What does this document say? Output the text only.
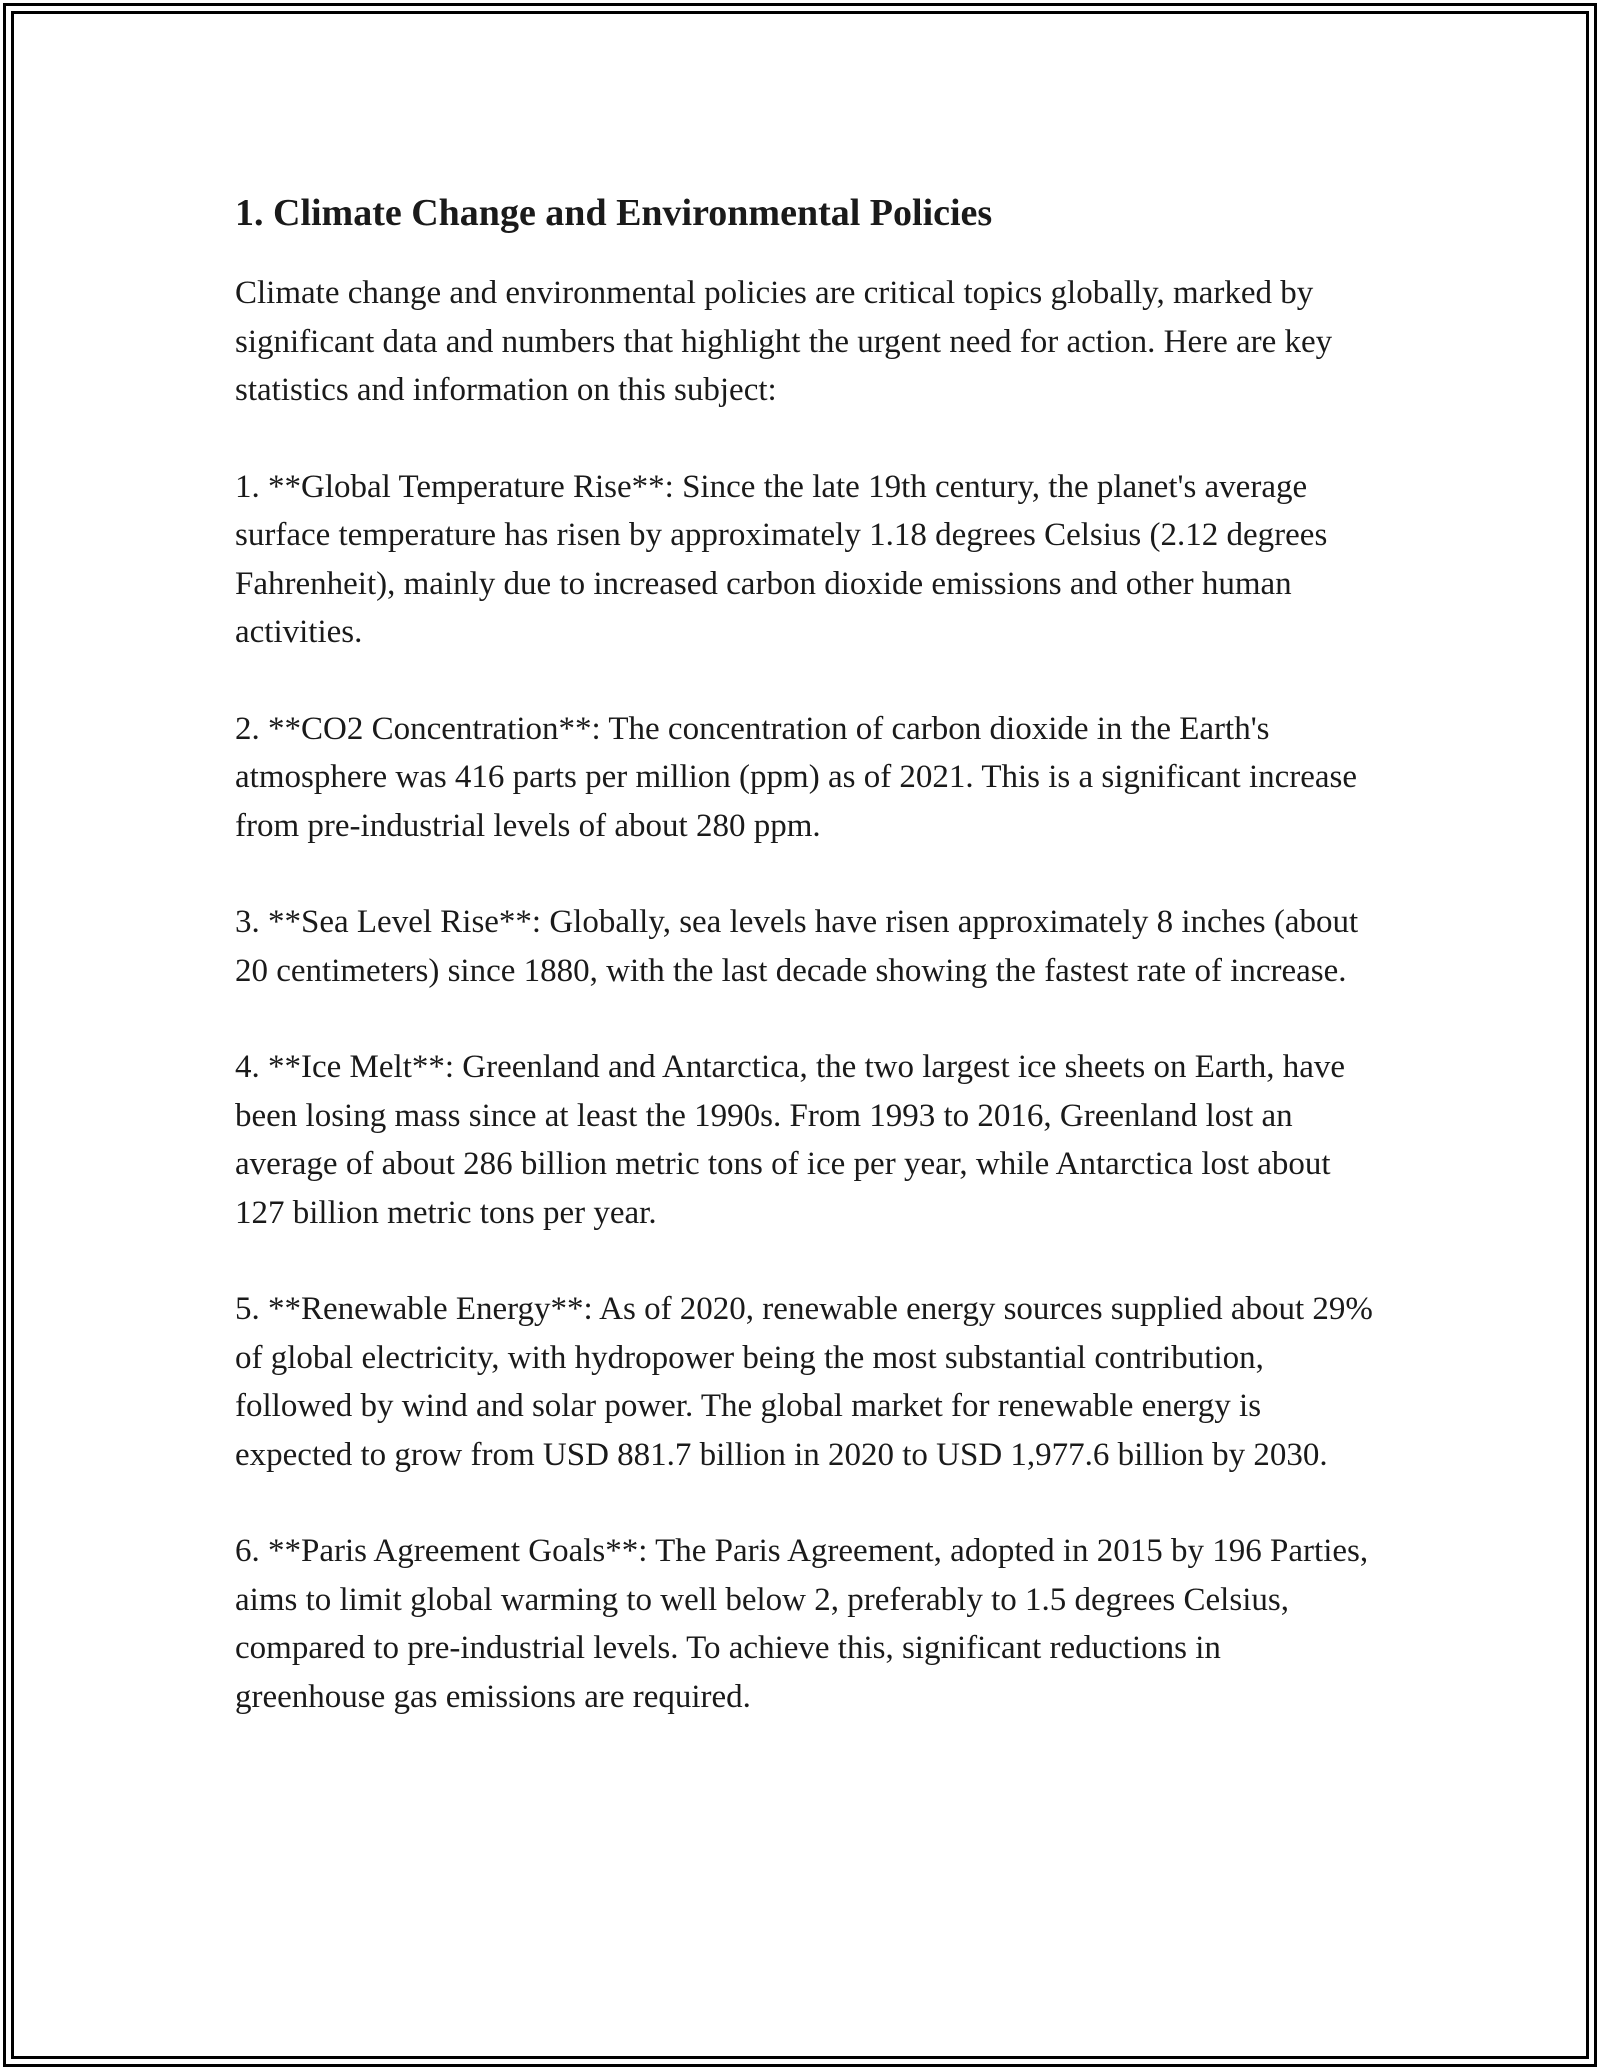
1. Climate Change and Environmental Policies

Climate change and environmental policies are critical topics globally, marked by significant data and numbers that highlight the urgent need for action. Here are key statistics and information on this subject:

1. **Global Temperature Rise**: Since the late 19th century, the planet's average surface temperature has risen by approximately 1.18 degrees Celsius (2.12 degrees Fahrenheit), mainly due to increased carbon dioxide emissions and other human activities.

2. **CO2 Concentration**: The concentration of carbon dioxide in the Earth's atmosphere was 416 parts per million (ppm) as of 2021. This is a significant increase from pre-industrial levels of about 280 ppm.

3. **Sea Level Rise**: Globally, sea levels have risen approximately 8 inches (about 20 centimeters) since 1880, with the last decade showing the fastest rate of increase.

4. **Ice Melt**: Greenland and Antarctica, the two largest ice sheets on Earth, have been losing mass since at least the 1990s. From 1993 to 2016, Greenland lost an average of about 286 billion metric tons of ice per year, while Antarctica lost about 127 billion metric tons per year.

5. **Renewable Energy**: As of 2020, renewable energy sources supplied about 29% of global electricity, with hydropower being the most substantial contribution, followed by wind and solar power. The global market for renewable energy is expected to grow from USD 881.7 billion in 2020 to USD 1,977.6 billion by 2030.

6. **Paris Agreement Goals**: The Paris Agreement, adopted in 2015 by 196 Parties, aims to limit global warming to well below 2, preferably to 1.5 degrees Celsius, compared to pre-industrial levels. To achieve this, significant reductions in greenhouse gas emissions are required.
